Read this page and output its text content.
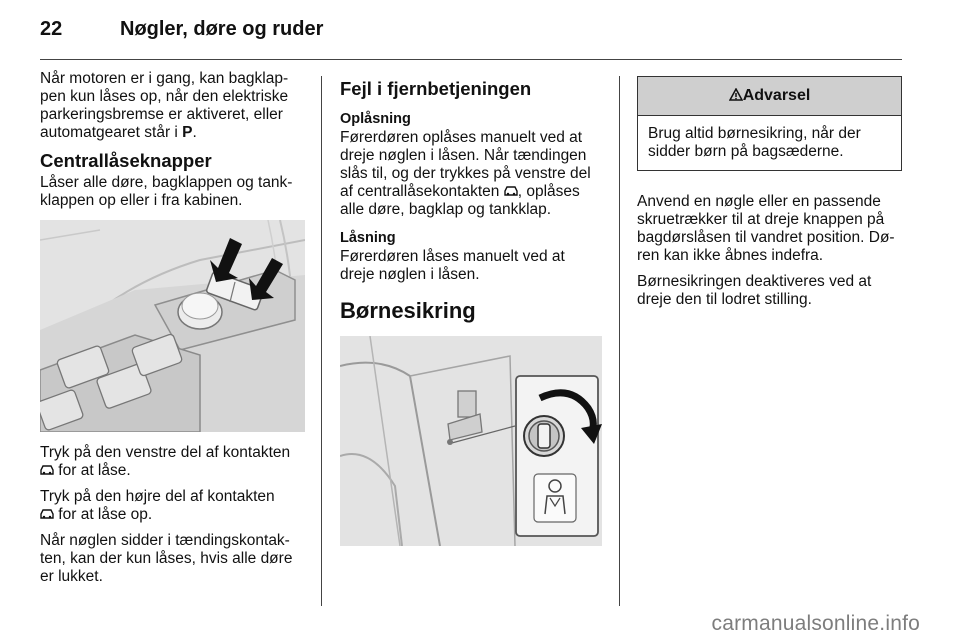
22	Nøgler, døre og ruder

Når motoren er i gang, kan bagklap-pen kun låses op, når den elektriske parkeringsbremse er aktiveret, eller automatgearet står i P.

Centrallåseknapper

Låser alle døre, bagklappen og tank-klappen op eller i fra kabinen.

Tryk på den venstre del af kontakten
for at låse.

Tryk på den højre del af kontakten
for at låse op.

Når nøglen sidder i tændingskontak-ten, kan der kun låses, hvis alle døre er lukket.

Fejl i fjernbetjeningen
Oplåsning

Førerdøren oplåses manuelt ved at dreje nøglen i låsen. Når tændingen slås til, og der trykkes på venstre del af centrallåsekontakten , oplåses alle døre, bagklap og tankklap.

Låsning

Førerdøren låses manuelt ved at dreje nøglen i låsen.

Børnesikring
Advarsel
Brug altid børnesikring, når der sidder børn på bagsæderne.

Anvend en nøgle eller en passende skruetrækker til at dreje knappen på bagdørslåsen til vandret position. Dø-ren kan ikke åbnes indefra.

Børnesikringen deaktiveres ved at dreje den til lodret stilling.

carmanualsonline.info
